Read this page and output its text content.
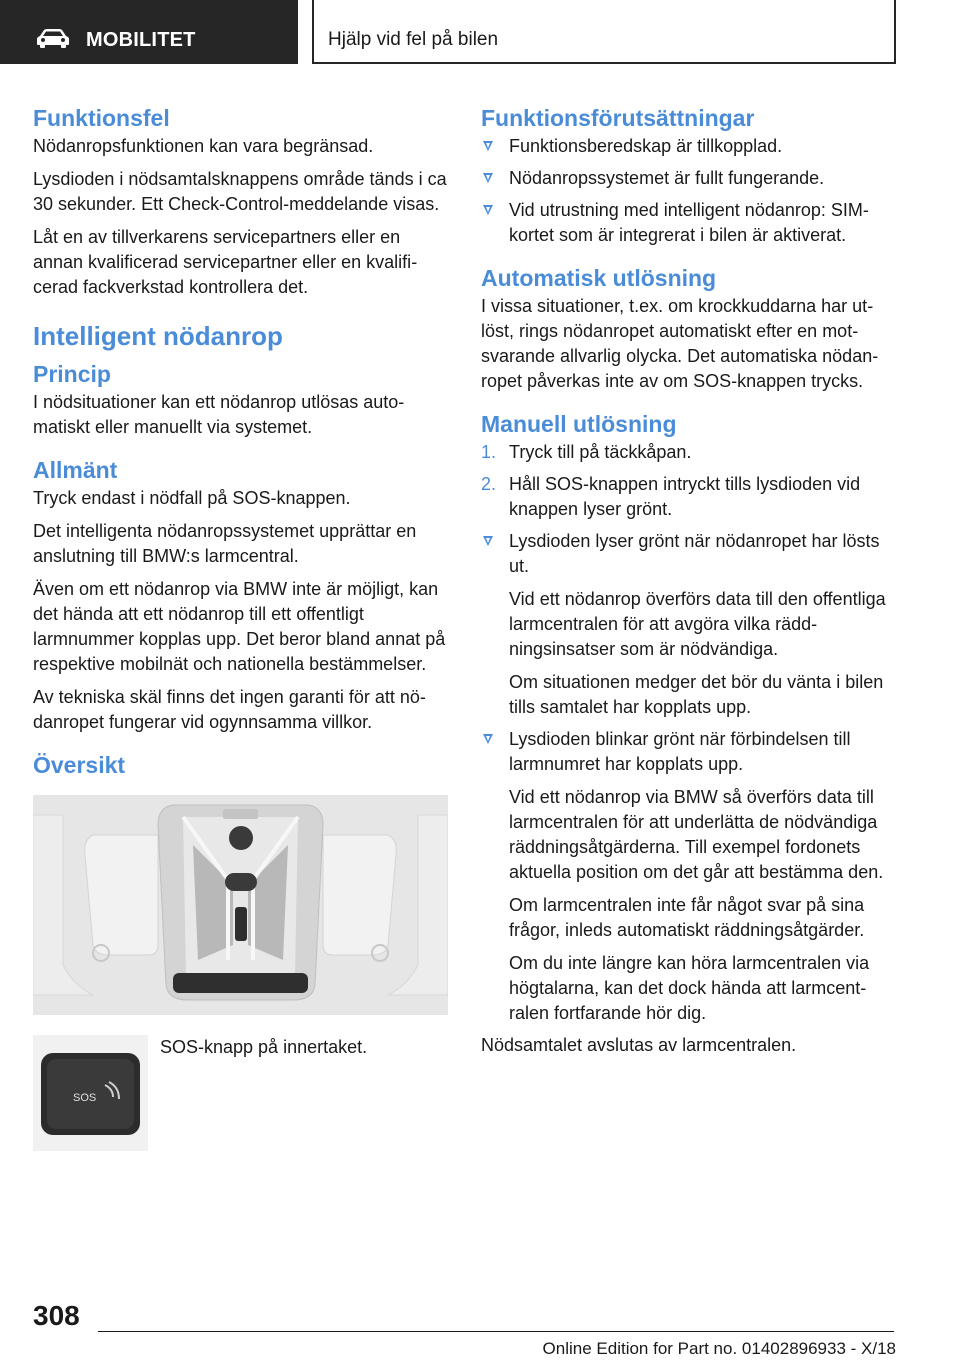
MOBILITET	Hjälp vid fel på bilen
Funktionsfel

Nödanropsfunktionen kan vara begränsad.

Lysdioden i nödsamtalsknappens område tänds i ca 30 sekunder. Ett Check-Control-meddelande visas.

Låt en av tillverkarens servicepartners eller en annan kvalificerad servicepartner eller en kvalificerad fackverkstad kontrollera det.

Intelligent nödanrop
Princip

I nödsituationer kan ett nödanrop utlösas automatiskt eller manuellt via systemet.

Allmänt

Tryck endast i nödfall på SOS-knappen.

Det intelligenta nödanropssystemet upprättar en anslutning till BMW:s larmcentral.

Även om ett nödanrop via BMW inte är möjligt, kan det hända att ett nödanrop till ett offentligt larmnummer kopplas upp. Det beror bland annat på respektive mobilnät och nationella bestämmelser.

Av tekniska skäl finns det ingen garanti för att nödanropet fungerar vid ogynnsamma villkor.

Översikt
SOS
SOS-knapp på innertaket.
Funktionsförutsättningar
Funktionsberedskap är tillkopplad.
Nödanropssystemet är fullt fungerande.
Vid utrustning med intelligent nödanrop: SIM-kortet som är integrerat i bilen är aktiverat.
Automatisk utlösning

I vissa situationer, t.ex. om krockkuddarna har utlöst, rings nödanropet automatiskt efter en motsvarande allvarlig olycka. Det automatiska nödanropet påverkas inte av om SOS-knappen trycks.

Manuell utlösning
1. Tryck till på täckkåpan.
2. Håll SOS-knappen intryckt tills lysdioden vid knappen lyser grönt.
Lysdioden lyser grönt när nödanropet har lösts ut.
Vid ett nödanrop överförs data till den offentliga larmcentralen för att avgöra vilka räddningsinsatser som är nödvändiga.
Om situationen medger det bör du vänta i bilen tills samtalet har kopplats upp.
Lysdioden blinkar grönt när förbindelsen till larmnumret har kopplats upp.
Vid ett nödanrop via BMW så överförs data till larmcentralen för att underlätta de nödvändiga räddningsåtgärderna. Till exempel fordonets aktuella position om det går att bestämma den.
Om larmcentralen inte får något svar på sina frågor, inleds automatiskt räddningsåtgärder.
Om du inte längre kan höra larmcentralen via högtalarna, kan det dock hända att larmcentralen fortfarande hör dig.

Nödsamtalet avslutas av larmcentralen.

308
Online Edition for Part no. 01402896933 - X/18
